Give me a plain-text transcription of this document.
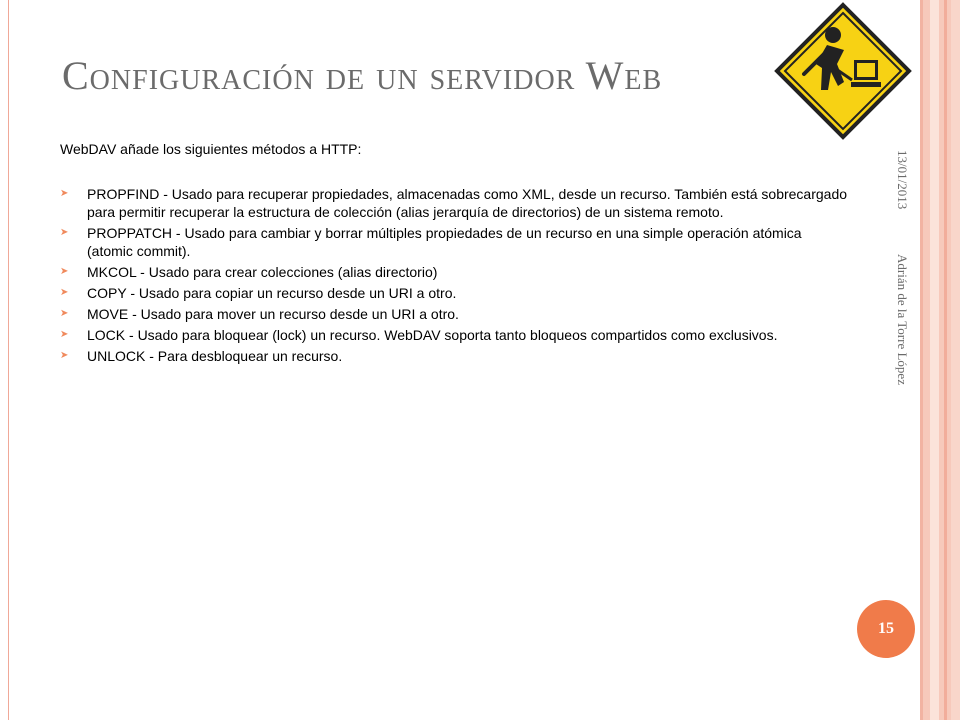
Configuración de un servidor Web

WebDAV añade los siguientes métodos a HTTP:

➤ PROPFIND - Usado para recuperar propiedades, almacenadas como XML, desde un recurso. También está sobrecargado para permitir recuperar la estructura de colección (alias jerarquía de directorios) de un sistema remoto.
➤ PROPPATCH - Usado para cambiar y borrar múltiples propiedades de un recurso en una simple operación atómica (atomic commit).
➤ MKCOL - Usado para crear colecciones (alias directorio)
➤ COPY - Usado para copiar un recurso desde un URI a otro.
➤ MOVE - Usado para mover un recurso desde un URI a otro.
➤ LOCK - Usado para bloquear (lock) un recurso. WebDAV soporta tanto bloqueos compartidos como exclusivos.
➤ UNLOCK - Para desbloquear un recurso.
13/01/2013 Adrián de la Torre López
15
